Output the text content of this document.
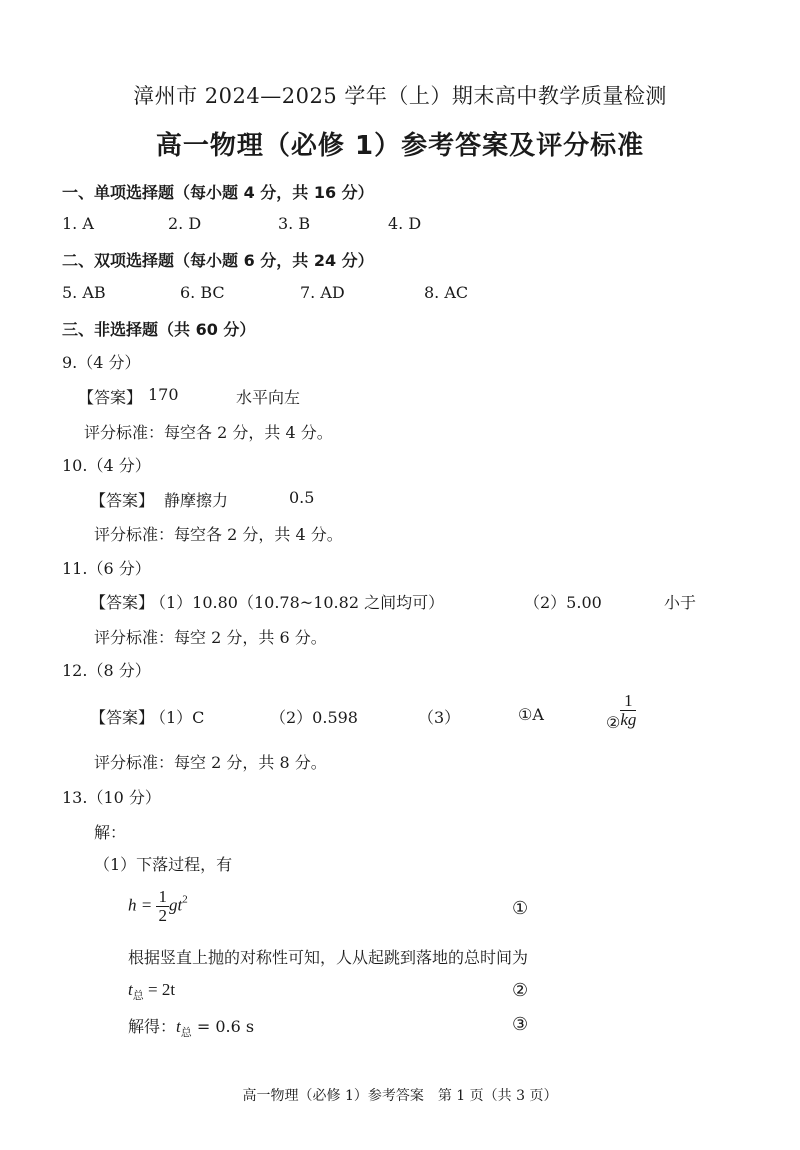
漳州市 2024—2025 学年（上）期末高中教学质量检测
高一物理（必修 1）参考答案及评分标准
一、单项选择题（每小题 4 分，共 16 分）
1. A	2. D	3. B	4. D
二、双项选择题（每小题 6 分，共 24 分）
5. AB	6. BC	7. AD	8. AC
三、非选择题（共 60 分）
9.（4 分）
【答案】 170	水平向左
评分标准：每空各 2 分，共 4 分。
10.（4 分）
【答案】 静摩擦力	0.5
评分标准：每空各 2 分，共 4 分。
11.（6 分）
【答案】
（1）10.80（10.78~10.82 之间均可）	（2）5.00	小于
评分标准：每空 2 分，共 6 分。
12.（8 分）
【答案】
（1）C	（2）0.598	（3）	①A	② $\frac{1}{kg}$
评分标准：每空 2 分，共 8 分。
13.（10 分）
解：
（1）下落过程，有
$h = \frac{1}{2} gt^2$	①
根据竖直上抛的对称性可知，人从起跳到落地的总时间为
$t_总 = 2t$	②
解得：$t_总 = 0.6$ s	③
高一物理（必修 1）参考答案　第 1 页（共 3 页）
